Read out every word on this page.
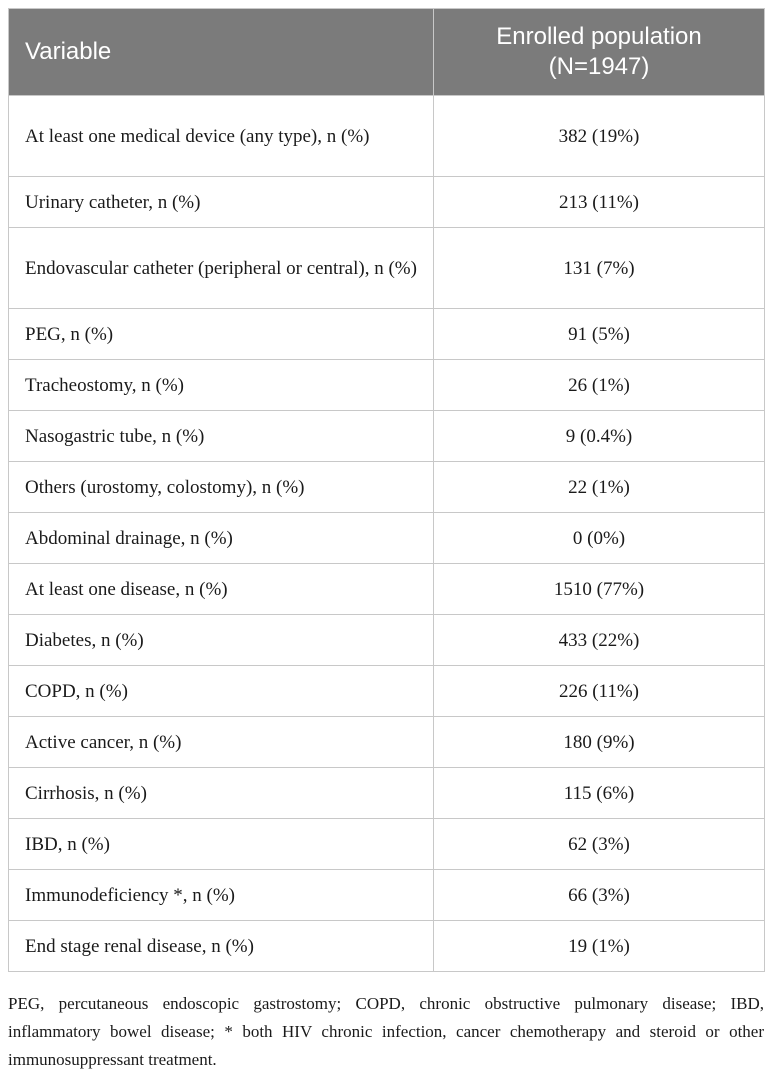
Variable	Enrolled population
(N=1947)

At least one medical device (any type), n (%)	382 (19%)
Urinary catheter, n (%)	213 (11%)
Endovascular catheter (peripheral or central), n (%)	131 (7%)
PEG, n (%)	91 (5%)
Tracheostomy, n (%)	26 (1%)
Nasogastric tube, n (%)	9 (0.4%)
Others (urostomy, colostomy), n (%)	22 (1%)
Abdominal drainage, n (%)	0 (0%)
At least one disease, n (%)	1510 (77%)
Diabetes, n (%)	433 (22%)
COPD, n (%)	226 (11%)
Active cancer, n (%)	180 (9%)
Cirrhosis, n (%)	115 (6%)
IBD, n (%)	62 (3%)
Immunodeficiency *, n (%)	66 (3%)
End stage renal disease, n (%)	19 (1%)

PEG, percutaneous endoscopic gastrostomy; COPD, chronic obstructive pulmonary disease; IBD, inflammatory bowel disease; * both HIV chronic infection, cancer chemotherapy and steroid or other immunosuppressant treatment.
